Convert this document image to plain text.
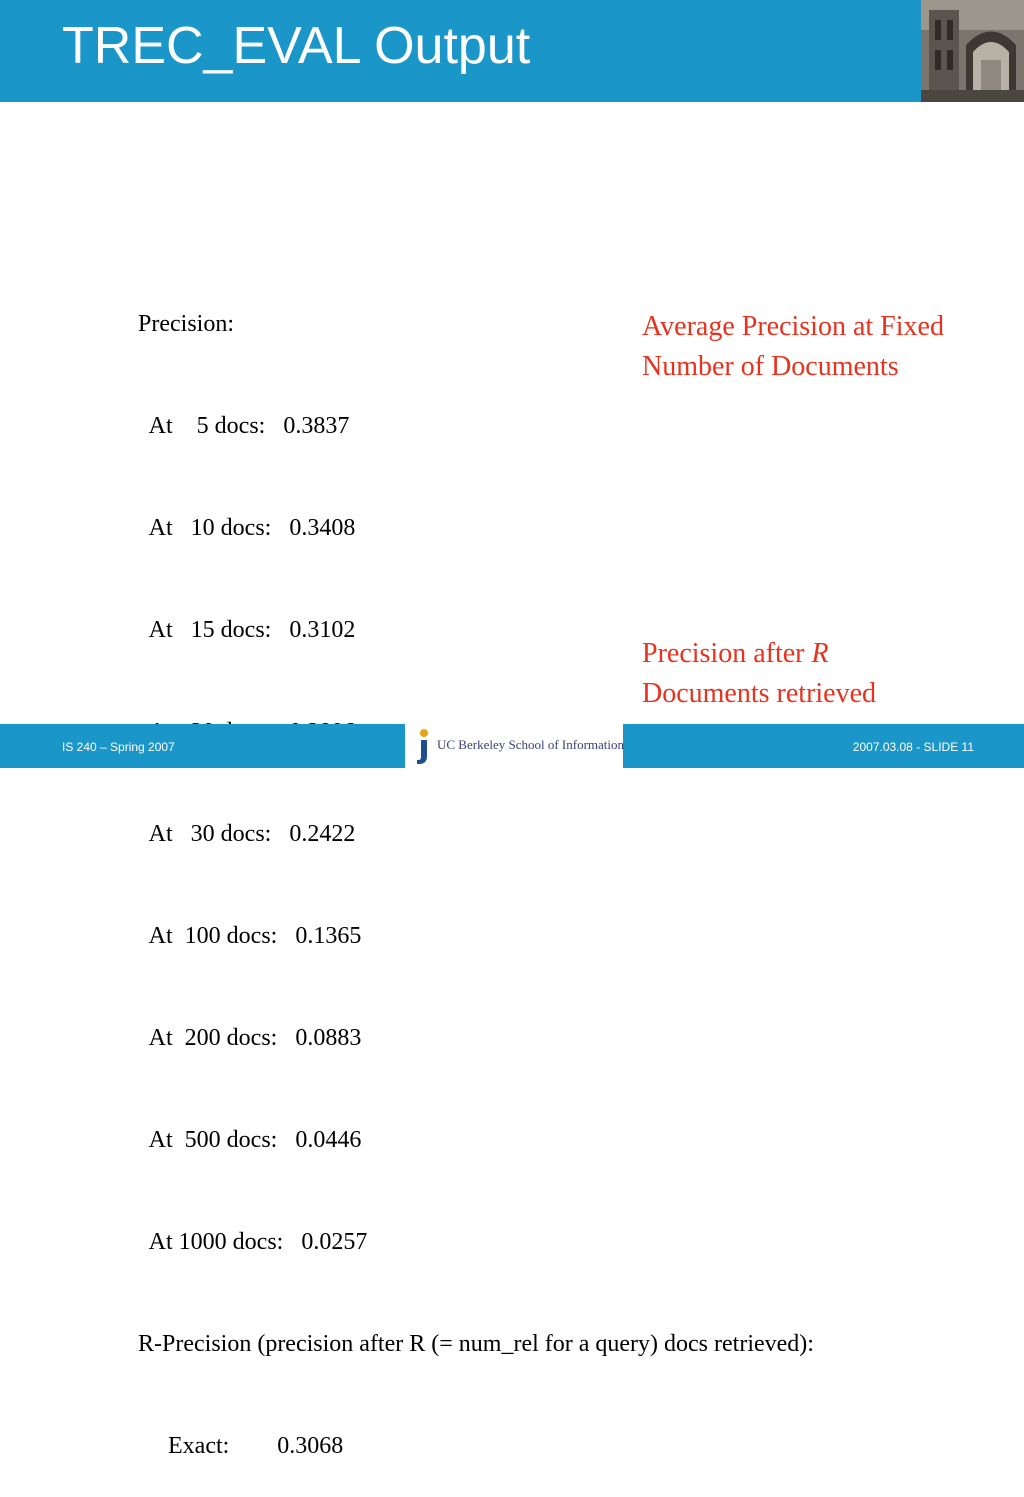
TREC_EVAL Output

Precision:

At    5 docs:   0.3837

At   10 docs:   0.3408

At   15 docs:   0.3102

At   30 docs:   0.2422

At  100 docs:   0.1365

At  200 docs:   0.0883

At  500 docs:   0.0446

At 1000 docs:   0.0257

R-Precision (precision after R (= num_rel for a query) docs retrieved):

Exact:        0.3068

Average Precision at Fixed Number of Documents
Precision after R
Documents retrieved
IS 240 – Spring 2007	UC Berkeley School of Information	2007.03.08 - SLIDE 11
